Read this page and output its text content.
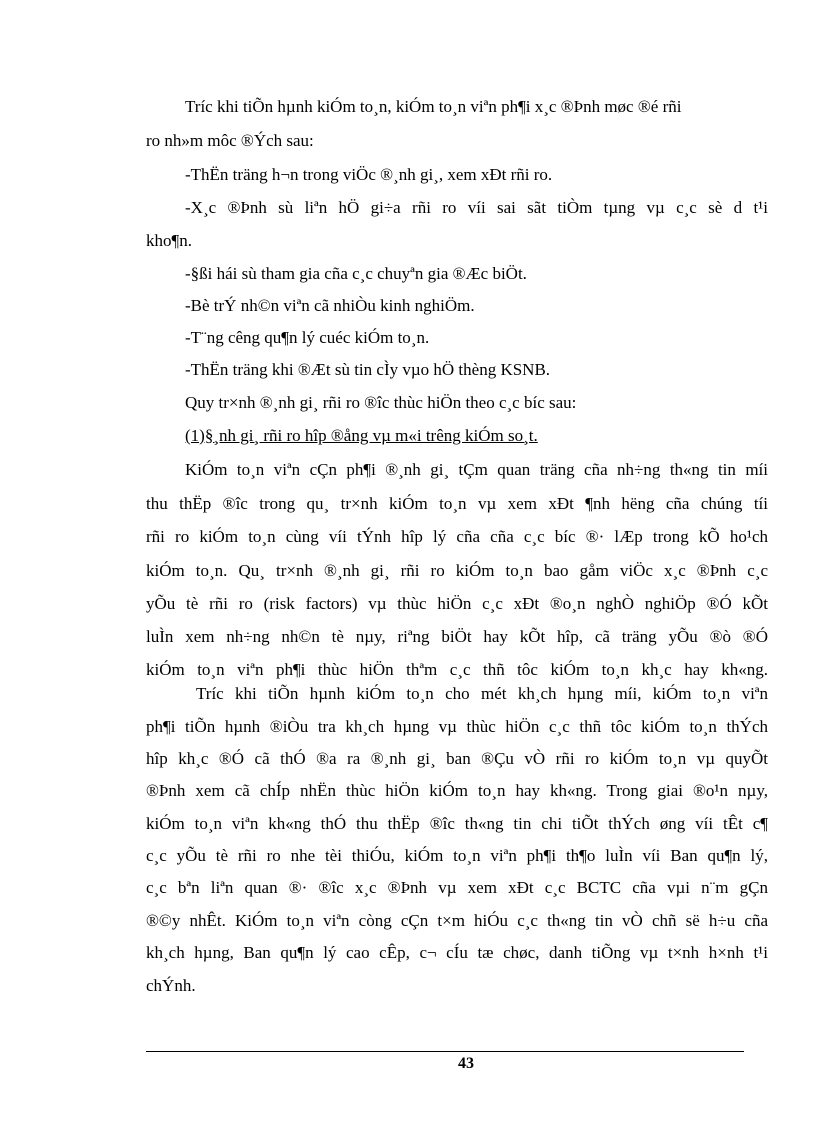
Tríc khi tiÕn hµnh kiÓm to¸n, kiÓm to¸n viªn ph¶i x¸c ®Þnh møc ®é rñi
ro nh»m môc ®Ých sau:
-ThËn träng h¬n trong viÖc ®¸nh gi¸, xem xÐt rñi ro.
-X¸c ®Þnh sù liªn hÖ gi÷a rñi ro víi sai sãt tiÒm tµng vµ c¸c sè d t¹i
kho¶n.
-§ßi hái sù tham gia cña c¸c chuyªn gia ®Æc biÖt.
-Bè trÝ nh©n viªn cã nhiÒu kinh nghiÖm.
-T¨ng cêng qu¶n lý cuéc kiÓm to¸n.
-ThËn träng khi ®Æt sù tin cÌy vµo hÖ thèng KSNB.
Quy tr×nh ®¸nh gi¸ rñi ro ®îc thùc hiÖn theo c¸c bíc sau:
(1)§¸nh gi¸ rñi ro hîp ®ång vµ m«i trêng kiÓm so¸t.
KiÓm to¸n viªn cÇn ph¶i ®¸nh gi¸ tÇm quan träng cña nh÷ng th«ng tin míi
thu thËp ®îc trong qu¸ tr×nh kiÓm to¸n vµ xem xÐt ¶nh hëng cña chúng tíi
rñi ro kiÓm to¸n cùng víi tÝnh hîp lý cña cña c¸c bíc ®· lÆp trong kÕ ho¹ch
kiÓm to¸n. Qu¸ tr×nh ®¸nh gi¸ rñi ro kiÓm to¸n bao gåm viÖc x¸c ®Þnh c¸c
yÕu tè rñi ro (risk factors) vµ thùc hiÖn c¸c xÐt ®o¸n nghÒ nghiÖp ®Ó kÕt
luÌn xem nh÷ng nh©n tè nµy, riªng biÖt hay kÕt hîp, cã träng yÕu ®ò ®Ó
kiÓm to¸n viªn ph¶i thùc hiÖn thªm c¸c thñ tôc kiÓm to¸n kh¸c hay kh«ng.
Tríc khi tiÕn hµnh kiÓm to¸n cho mét kh¸ch hµng míi, kiÓm to¸n viªn
ph¶i tiÕn hµnh ®iÒu tra kh¸ch hµng vµ thùc hiÖn c¸c thñ tôc kiÓm to¸n thÝch
hîp kh¸c ®Ó cã thÓ ®a ra ®¸nh gi¸ ban ®Çu vÒ rñi ro kiÓm to¸n vµ quyÕt
®Þnh xem cã chÍp nhËn thùc hiÖn kiÓm to¸n hay kh«ng. Trong giai ®o¹n nµy,
kiÓm to¸n viªn kh«ng thÓ thu thËp ®îc th«ng tin chi tiÕt thÝch øng víi tÊt c¶
c¸c yÕu tè rñi ro nhe tèi thiÓu, kiÓm to¸n viªn ph¶i th¶o luÌn víi Ban qu¶n lý,
c¸c bªn liªn quan ®· ®îc x¸c ®Þnh vµ xem xÐt c¸c BCTC cña vµi n¨m gÇn
®©y nhÊt. KiÓm to¸n viªn còng cÇn t×m hiÓu c¸c th«ng tin vÒ chñ së h÷u cña
kh¸ch hµng, Ban qu¶n lý cao cÊp, c¬ cÍu tæ chøc, danh tiÕng vµ t×nh h×nh t¹i
chÝnh.
43
